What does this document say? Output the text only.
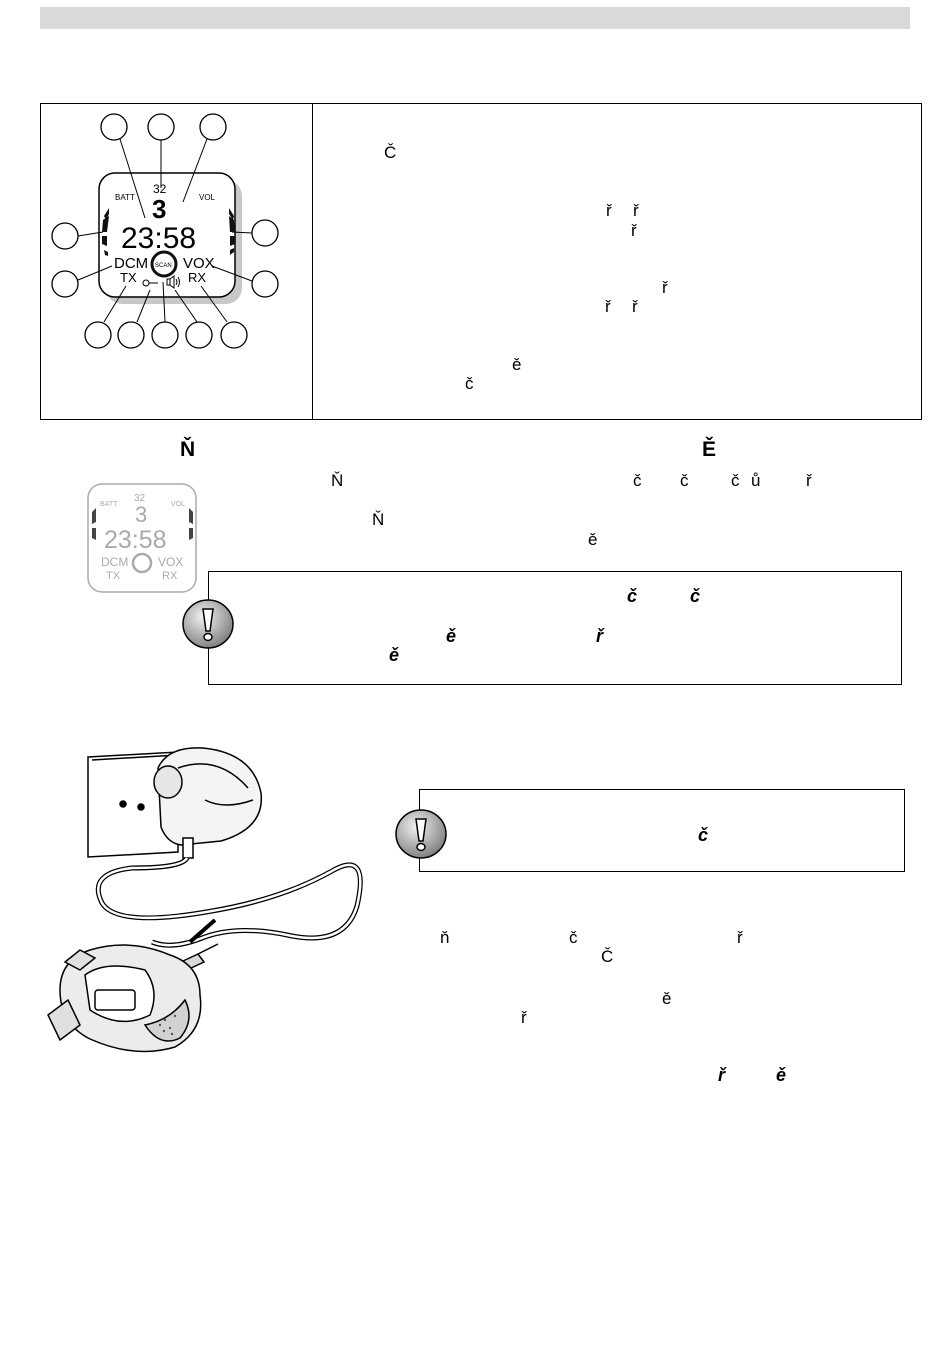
BATT	VOL
32
3
23:58
DCM VOX
SCAN
TX	RX
Č
ř ř
ř
ř
ř ř
ě
č
Ň	Ě
BATT	VOL
32
3
23:58
DCM VOX
TX	RX
Ň	č č	č ů	ř
Ň
ě
č	č
ě	ř
ě
č
ň	č	ř
Č
ě
ř
ř	ě
